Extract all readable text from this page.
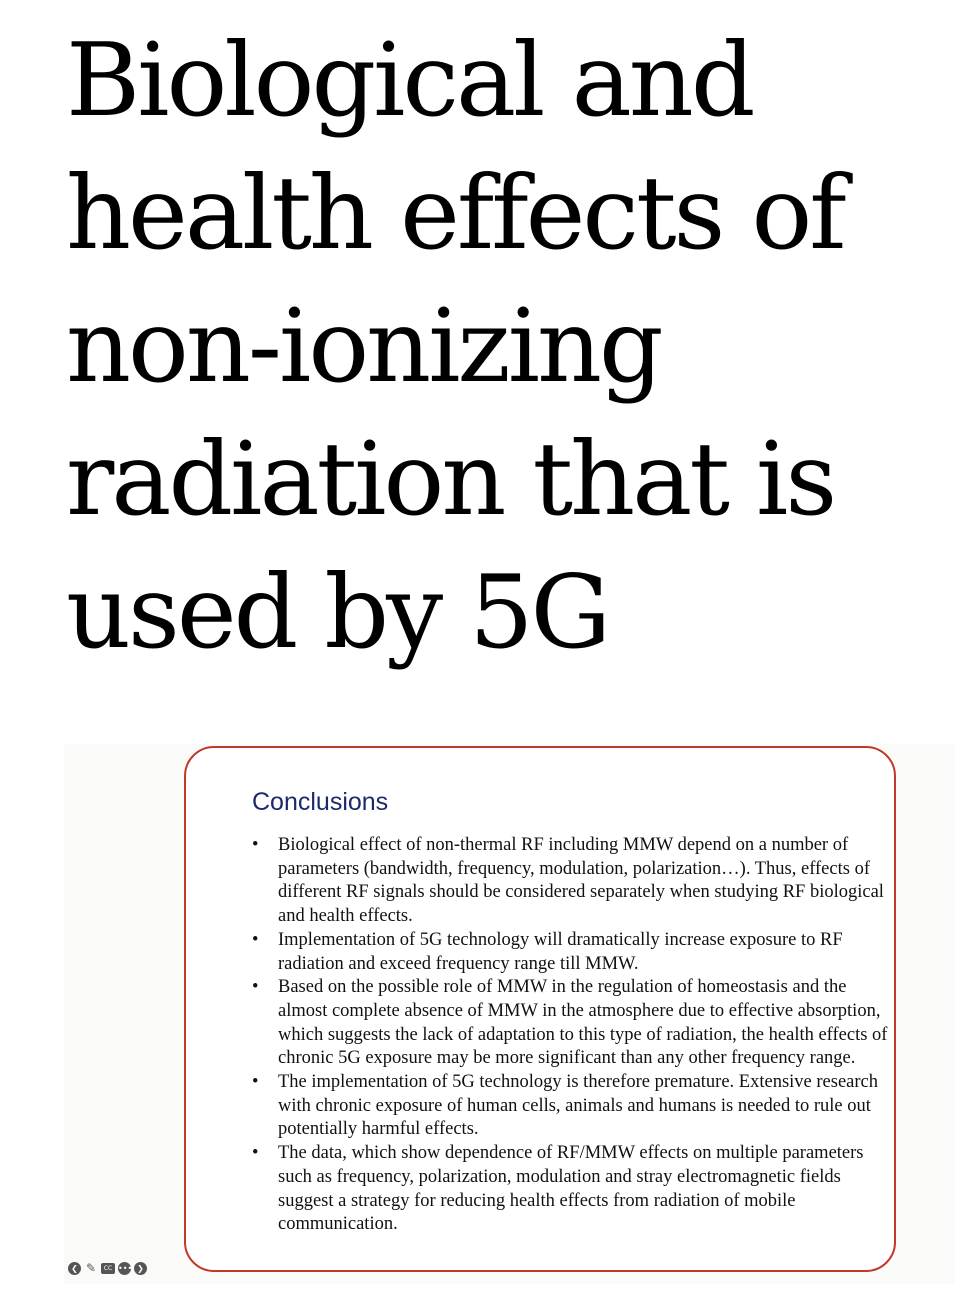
Biological and
health effects of
non-ionizing
radiation that is
used by 5G
Conclusions
• Biological effect of non-thermal RF including MMW depend on a number of parameters (bandwidth, frequency, modulation, polarization…). Thus, effects of different RF signals should be considered separately when studying RF biological and health effects.
• Implementation of 5G technology will dramatically increase exposure to RF radiation and exceed frequency range till MMW.
• Based on the possible role of MMW in the regulation of homeostasis and the almost complete absence of MMW in the atmosphere due to effective absorption, which suggests the lack of adaptation to this type of radiation, the health effects of chronic 5G exposure may be more significant than any other frequency range.
• The implementation of 5G technology is therefore premature. Extensive research with chronic exposure of human cells, animals and humans is needed to rule out potentially harmful effects.
• The data, which show dependence of RF/MMW effects on multiple parameters such as frequency, polarization, modulation and stray electromagnetic fields suggest a strategy for reducing health effects from radiation of mobile communication.
❮ ✎	CC ••• ❯
